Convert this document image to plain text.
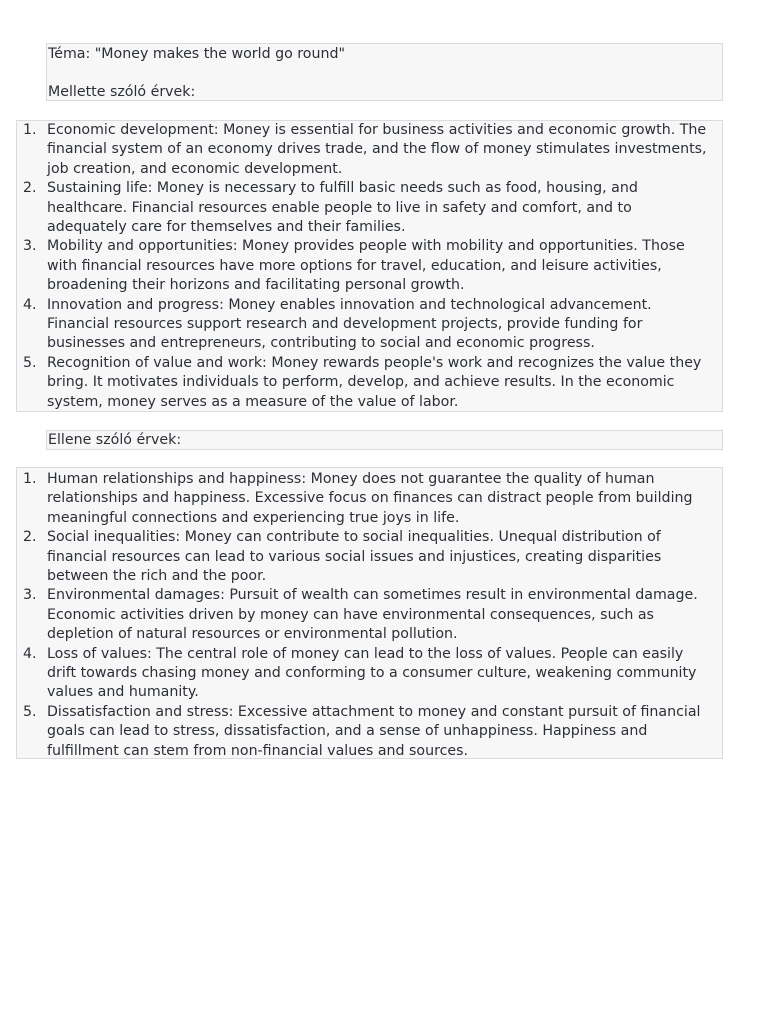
Téma: "Money makes the world go round"
Mellette szóló érvek:
1. Economic development: Money is essential for business activities and economic growth. The financial system of an economy drives trade, and the flow of money stimulates investments, job creation, and economic development.
2. Sustaining life: Money is necessary to fulfill basic needs such as food, housing, and healthcare. Financial resources enable people to live in safety and comfort, and to adequately care for themselves and their families.
3. Mobility and opportunities: Money provides people with mobility and opportunities. Those with financial resources have more options for travel, education, and leisure activities, broadening their horizons and facilitating personal growth.
4. Innovation and progress: Money enables innovation and technological advancement. Financial resources support research and development projects, provide funding for businesses and entrepreneurs, contributing to social and economic progress.
5. Recognition of value and work: Money rewards people's work and recognizes the value they bring. It motivates individuals to perform, develop, and achieve results. In the economic system, money serves as a measure of the value of labor.
Ellene szóló érvek:
1. Human relationships and happiness: Money does not guarantee the quality of human relationships and happiness. Excessive focus on finances can distract people from building meaningful connections and experiencing true joys in life.
2. Social inequalities: Money can contribute to social inequalities. Unequal distribution of financial resources can lead to various social issues and injustices, creating disparities between the rich and the poor.
3. Environmental damages: Pursuit of wealth can sometimes result in environmental damage. Economic activities driven by money can have environmental consequences, such as depletion of natural resources or environmental pollution.
4. Loss of values: The central role of money can lead to the loss of values. People can easily drift towards chasing money and conforming to a consumer culture, weakening community values and humanity.
5. Dissatisfaction and stress: Excessive attachment to money and constant pursuit of financial goals can lead to stress, dissatisfaction, and a sense of unhappiness. Happiness and fulfillment can stem from non-financial values and sources.
